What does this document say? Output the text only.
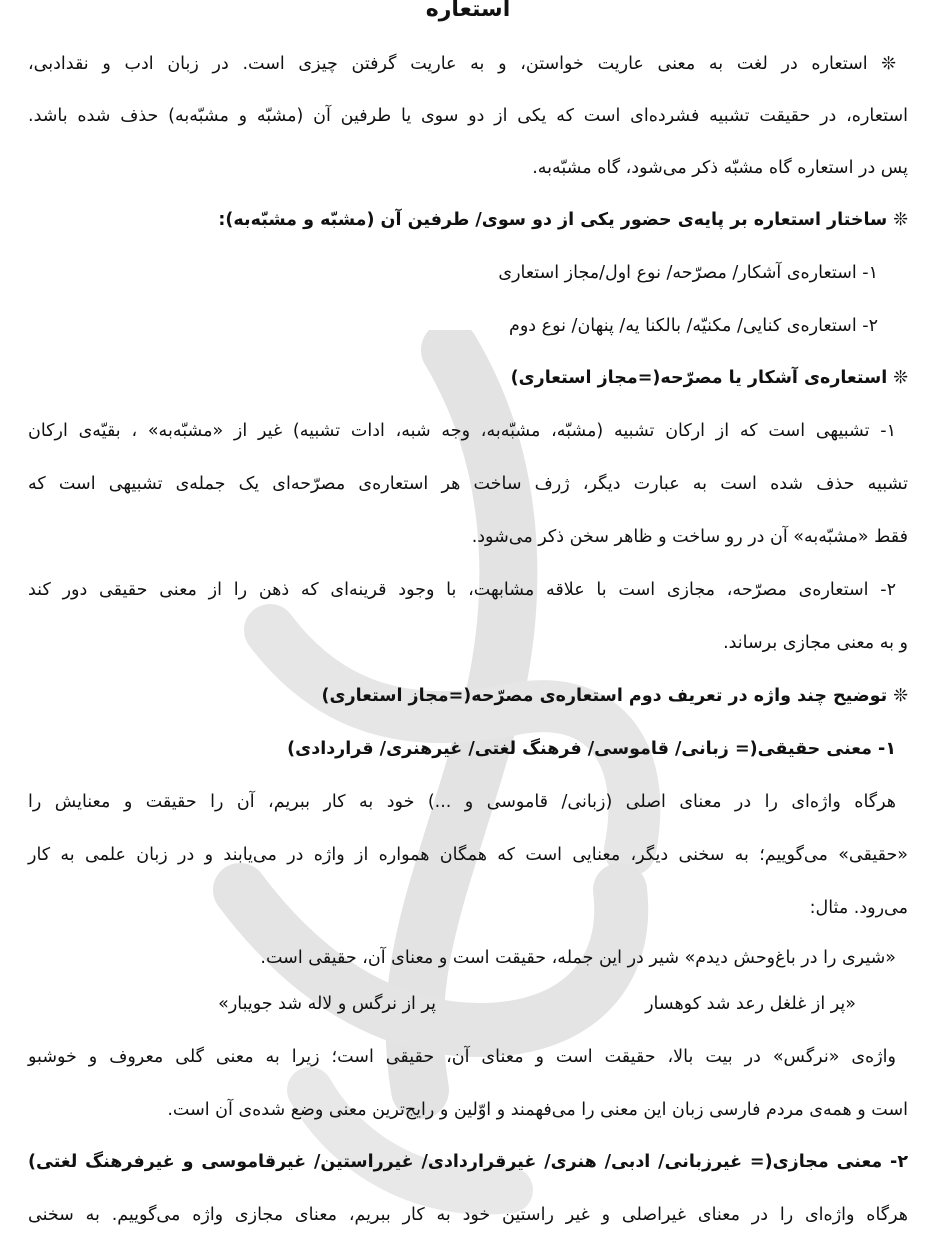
استعاره
❊ استعاره در لغت به معنی عاریت خواستن، و به عاریت گرفتن چیزی است. در زبان ادب و نقدادبی،
استعاره، در حقیقت تشبیه فشرده‌ای است که یکی از دو سوی یا طرفین آن (مشبّه و مشبّه‌به) حذف شده باشد.
پس در استعاره گاه مشبّه ذکر می‌شود، گاه مشبّه‌به.
❊ ساختار استعاره بر پایه‌ی حضور یکی از دو سوی/ طرفین آن (مشبّه و مشبّه‌به):
۱- استعاره‌ی آشکار/ مصرّحه/ نوع اول/مجاز استعاری
۲- استعاره‌ی کنایی/ مکنیّه/ بالکنا یه/ پنهان/ نوع دوم
❊ استعاره‌ی آشکار یا مصرّحه(=مجاز استعاری)
۱- تشبیهی است که از ارکان تشبیه (مشبّه، مشبّه‌به، وجه شبه، ادات تشبیه) غیر از «مشبّه‌به» ، بقیّه‌ی ارکان
تشبیه حذف شده است به عبارت دیگر، ژرف ساخت هر استعاره‌ی مصرّحه‌ای یک جمله‌ی تشبیهی است که
فقط «مشبّه‌به» آن در رو ساخت و ظاهر سخن ذکر می‌شود.
۲- استعاره‌ی مصرّحه، مجازی است با علاقه مشابهت، با وجود قرینه‌ای که ذهن را از معنی حقیقی دور کند
و به معنی مجازی برساند.
❊ توضیح چند واژه در تعریف دوم استعاره‌ی مصرّحه(=مجاز استعاری)
۱- معنی حقیقی(= زبانی/ قاموسی/ فرهنگ لغتی/ غیرهنری/ قراردادی)
هرگاه واژه‌ای را در معنای اصلی (زبانی/ قاموسی و ...) خود به کار ببریم، آن را حقیقت و معنایش را
«حقیقی» می‌گوییم؛ به سخنی دیگر، معنایی است که همگان همواره از واژه در می‌یابند و در زبان علمی به کار
می‌رود. مثال:
«شیری را در باغ‌وحش دیدم» شیر در این جمله، حقیقت است و معنای آن، حقیقی است.
«پر از غلغل رعد شد کوهسار
پر از نرگس و لاله شد جویبار»
واژه‌ی «نرگس» در بیت بالا، حقیقت است و معنای آن، حقیقی است؛ زیرا به معنی گلی معروف و خوشبو
است و همه‌ی مردم فارسی زبان این معنی را می‌فهمند و اوّلین و رایج‌ترین معنی وضع شده‌ی آن است.
۲- معنی مجازی(= غیرزبانی/ ادبی/ هنری/ غیرقراردادی/ غیرراستین/ غیرقاموسی و غیرفرهنگ لغتی)
هرگاه واژه‌ای را در معنای غیراصلی و غیر راستین خود به کار ببریم، معنای مجازی واژه می‌گوییم. به سخنی
